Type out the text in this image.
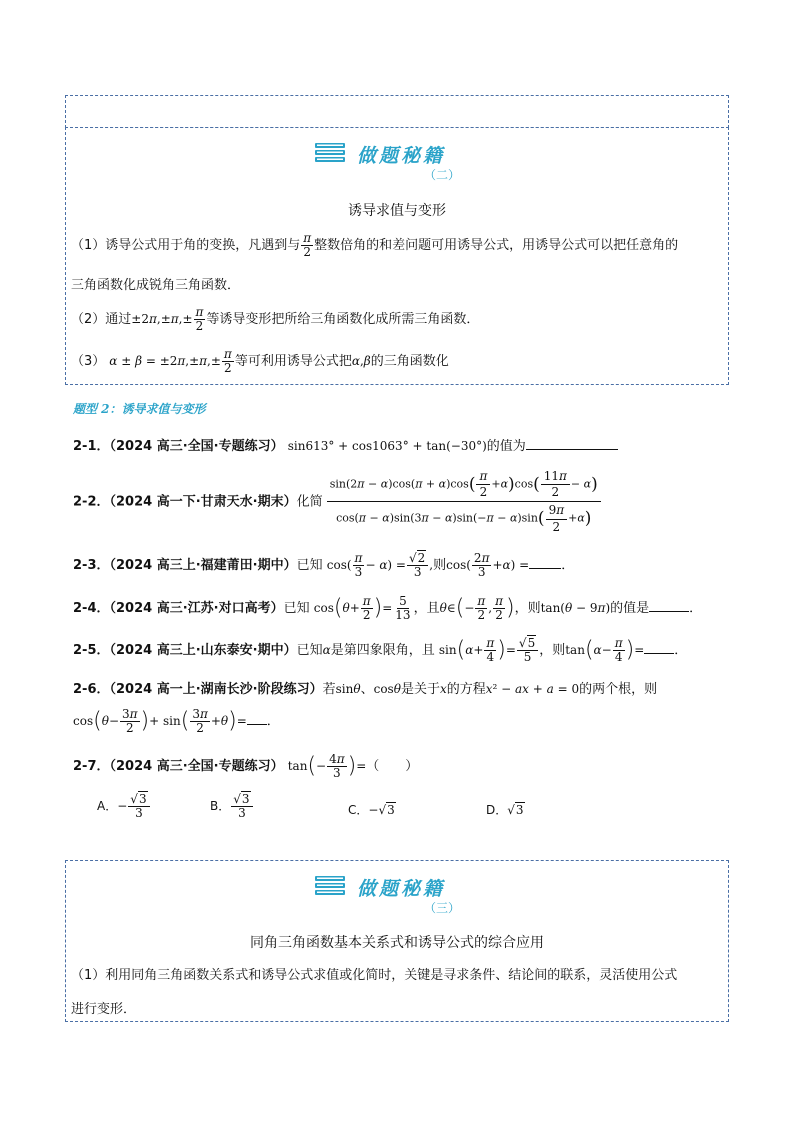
做题秘籍
（二）
诱导求值与变形
（1）诱导公式用于角的变换，凡遇到与 $\frac{\pi}{2}$ 整数倍角的和差问题可用诱导公式，用诱导公式可以把任意角的
三角函数化成锐角三角函数．
（2）通过$\pm 2\pi,\pm\pi,\pm \frac{\pi}{2}$ 等诱导变形把所给三角函数化成所需三角函数．
（3） $\alpha \pm \beta = \pm 2\pi,\pm\pi,\pm \frac{\pi}{2}$ 等可利用诱导公式把α,β的三角函数化
题型 2：诱导求值与变形
2-1．（2024 高三·全国·专题练习） sin613° + cos1063° + tan(−30°)的值为
2-2．（2024 高一下·甘肃天水·期末）化简 $\frac{\sin(2\pi - \alpha)\cos(\pi + \alpha)\cos( \frac{\pi}{2} +\alpha)\cos( \frac{11\pi}{2} - \alpha)}{\cos(\pi - \alpha)\sin(3\pi - \alpha)\sin(-\pi - \alpha)\sin( \frac{9\pi}{2} +\alpha)}$
2-3．（2024 高三上·福建莆田·期中）已知 $\cos( \frac{\pi}{3} - \alpha) = \frac{√2}{3}$ ,则$\cos( \frac{2\pi}{3} +\alpha)$ = ．
2-4．（2024 高三·江苏·对口高考）已知 $\cos(\theta+ \frac{\pi}{2}$ )= $\frac{5}{13}$ ，且θ∈(− $\frac{\pi}{2}$ , $\frac{\pi}{2}$ )，则tan(θ − 9π)的值是	．
2-5．（2024 高三上·山东泰安·期中）已知α是第四象限角，且 $\sin(\alpha+ \frac{\pi}{4}$ )= $\frac{√5}{5}$ ，则$\tan(\alpha- \frac{\pi}{4}$ )= ．
2-6．（2024 高一上·湖南长沙·阶段练习）若sinθ、cosθ是关于x的方程x² − ax + a = 0的两个根，则
$\cos(\theta- \frac{3\pi}{2}$ )+ $\sin( \frac{3\pi}{2} +\theta)=$ ．
2-7．（2024 高三·全国·专题练习） $\tan(- \frac{4\pi}{3}$ )=（　　）
A．− $\frac{√3}{3}$	B． $\frac{√3}{3}$	C．−√3	D．√3
做题秘籍
（三）
同角三角函数基本关系式和诱导公式的综合应用
（1）利用同角三角函数关系式和诱导公式求值或化简时，关键是寻求条件、结论间的联系，灵活使用公式
进行变形．
